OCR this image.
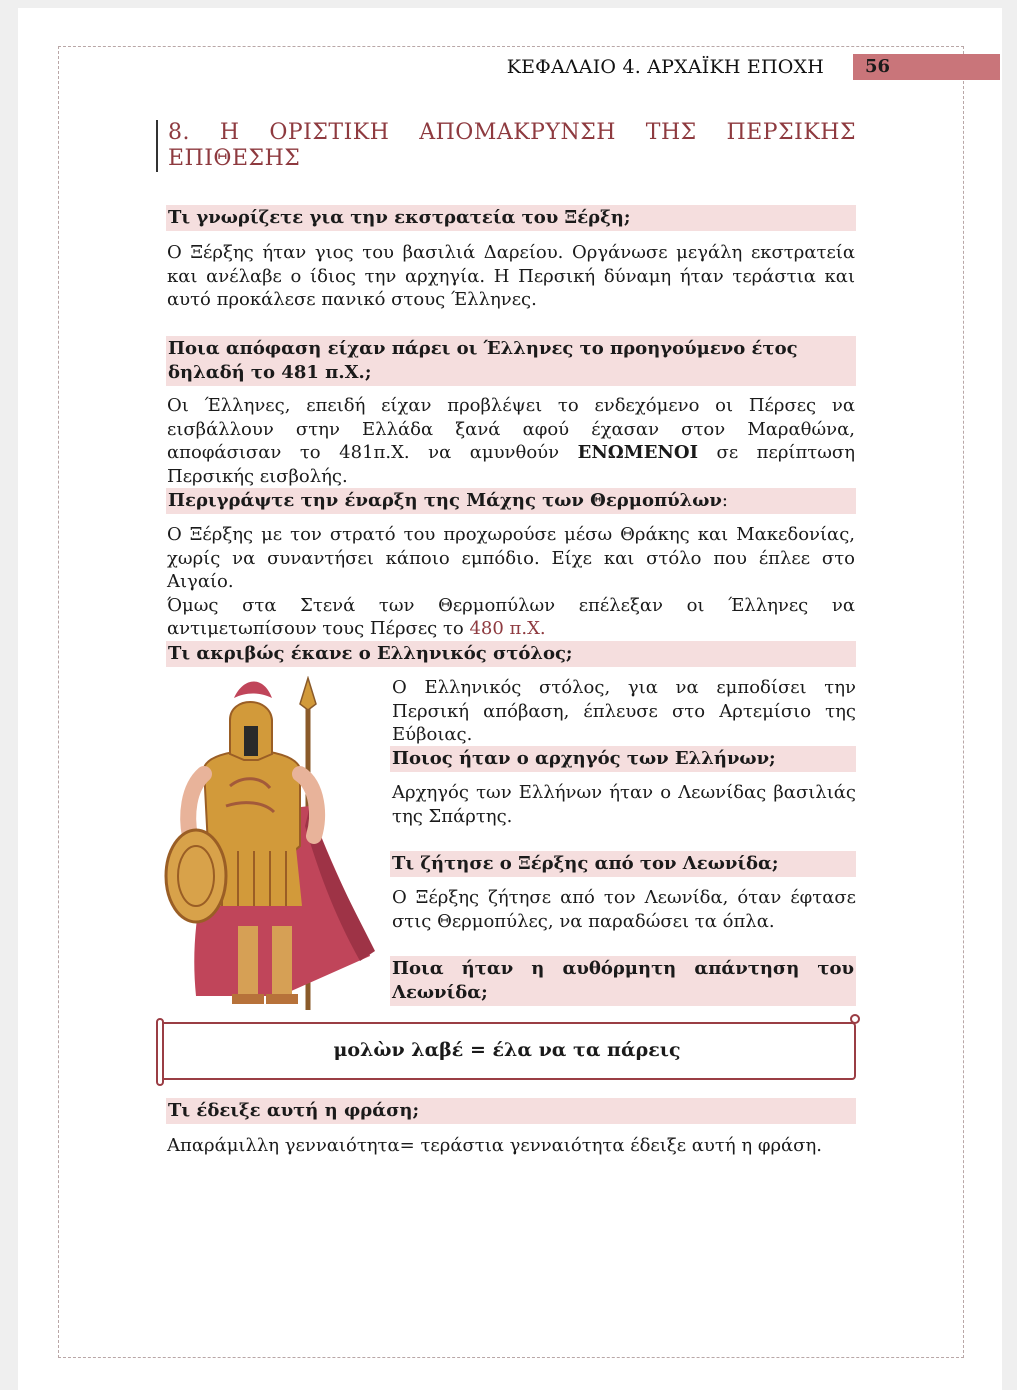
ΚΕΦΑΛΑΙΟ 4. ΑΡΧΑΪΚΗ ΕΠΟΧΗ 56
8. Η ΟΡΙΣΤΙΚΗ ΑΠΟΜΑΚΡΥΝΣΗ ΤΗΣ ΠΕΡΣΙΚΗΣ
ΕΠΙΘΕΣΗΣ
Τι γνωρίζετε για την εκστρατεία του Ξέρξη;
Ο Ξέρξης ήταν γιος του βασιλιά Δαρείου. Οργάνωσε μεγάλη εκστρατεία και ανέλαβε ο ίδιος την αρχηγία. Η Περσική δύναμη ήταν τεράστια και αυτό προκάλεσε πανικό στους Έλληνες.
Ποια απόφαση είχαν πάρει οι Έλληνες το προηγούμενο έτος δηλαδή το 481 π.Χ.;
Οι Έλληνες, επειδή είχαν προβλέψει το ενδεχόμενο οι Πέρσες να εισβάλλουν στην Ελλάδα ξανά αφού έχασαν στον Μαραθώνα, αποφάσισαν το 481π.Χ. να αμυνθούν ΕΝΩΜΕΝΟΙ σε περίπτωση Περσικής εισβολής.
Περιγράψτε την έναρξη της Μάχης των Θερμοπύλων:
Ο Ξέρξης με τον στρατό του προχωρούσε μέσω Θράκης και Μακεδονίας, χωρίς να συναντήσει κάποιο εμπόδιο. Είχε και στόλο που έπλεε στο Αιγαίο.
Όμως στα Στενά των Θερμοπύλων επέλεξαν οι Έλληνες να αντιμετωπίσουν τους Πέρσες το 480 π.Χ.
Τι ακριβώς έκανε ο Ελληνικός στόλος;
Ο Ελληνικός στόλος, για να εμποδίσει την Περσική απόβαση, έπλευσε στο Αρτεμίσιο της Εύβοιας.
Ποιος ήταν ο αρχηγός των Ελλήνων;
Αρχηγός των Ελλήνων ήταν ο Λεωνίδας βασιλιάς της Σπάρτης.
Τι ζήτησε ο Ξέρξης από τον Λεωνίδα;
Ο Ξέρξης ζήτησε από τον Λεωνίδα, όταν έφτασε στις Θερμοπύλες, να παραδώσει τα όπλα.
Ποια ήταν η αυθόρμητη απάντηση του Λεωνίδα;
μολὼν λαβέ = έλα να τα πάρεις
Τι έδειξε αυτή η φράση;
Απαράμιλλη γενναιότητα= τεράστια γενναιότητα έδειξε αυτή η φράση.
